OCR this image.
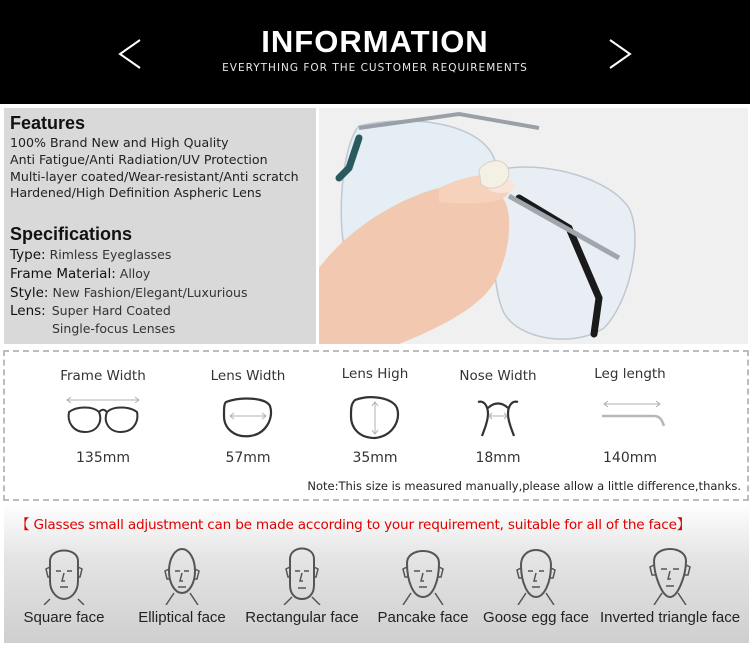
INFORMATION
EVERYTHING FOR THE CUSTOMER REQUIREMENTS
Features
100% Brand New and High Quality
Anti Fatigue/Anti Radiation/UV Protection
Multi-layer coated/Wear-resistant/Anti scratch
Hardened/High Definition Aspheric Lens
Specifications
Type: Rimless Eyeglasses
Frame Material: Alloy
Style: New Fashion/Elegant/Luxurious
Lens: Super Hard Coated
Single-focus Lenses
Frame Width
135mm
Lens Width
57mm
Lens High
35mm
Nose Width
18mm
Leg length
140mm
Note:This size is measured manually,please allow a little difference,thanks.
【 Glasses small adjustment can be made according to your requirement, suitable for all of the face】
Square face	Elliptical face	Rectangular face	Pancake face Goose egg face Inverted triangle face
